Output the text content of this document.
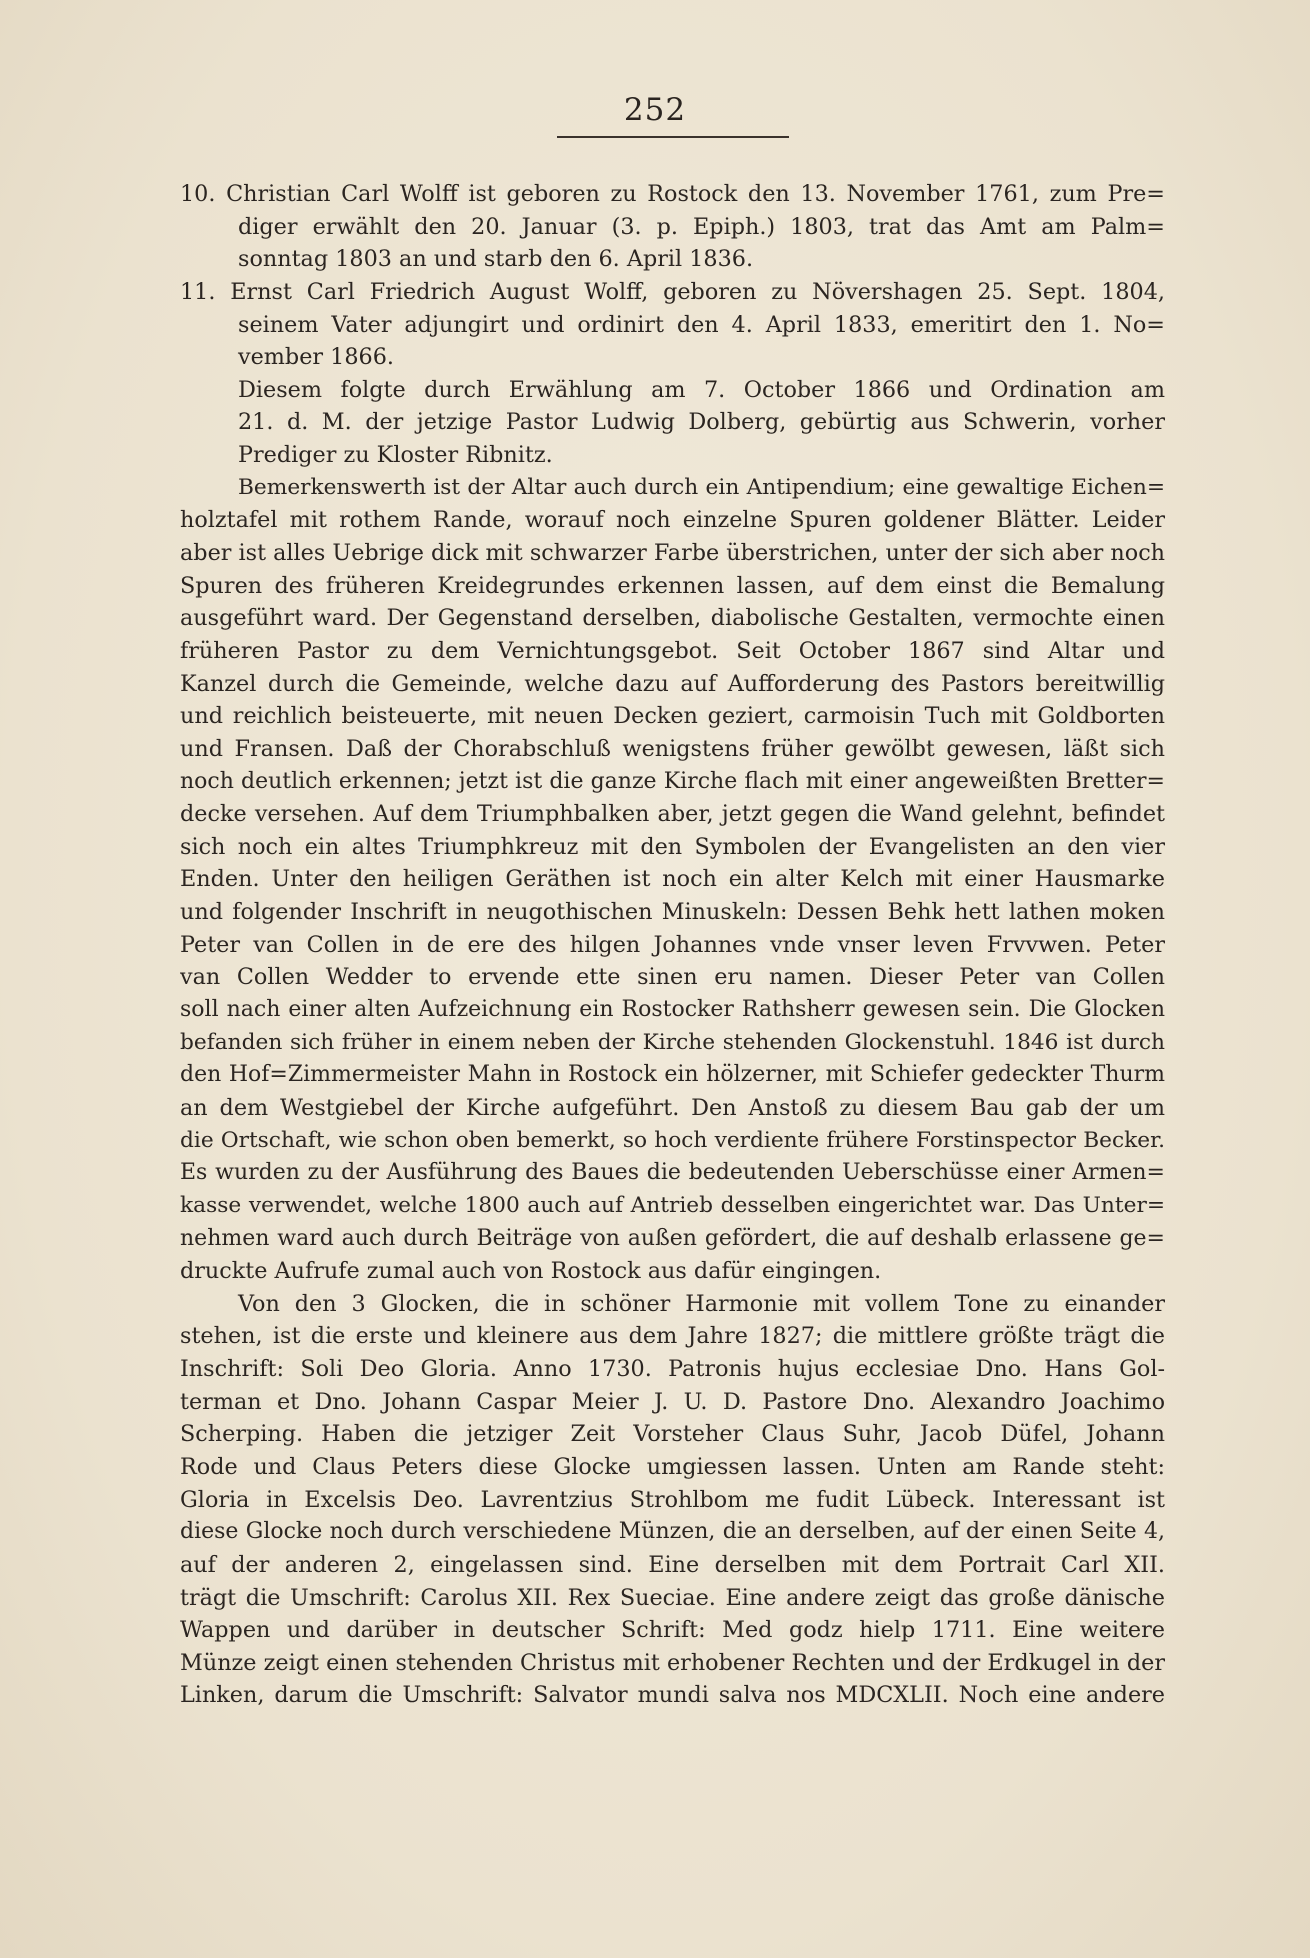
252
10. Christian Carl Wolff ist geboren zu Rostock den 13. November 1761, zum Pre=
diger erwählt den 20. Januar (3. p. Epiph.) 1803, trat das Amt am Palm=
sonntag 1803 an und starb den 6. April 1836.
11. Ernst Carl Friedrich August Wolff, geboren zu Növershagen 25. Sept. 1804,
seinem Vater adjungirt und ordinirt den 4. April 1833, emeritirt den 1. No=
vember 1866.
Diesem folgte durch Erwählung am 7. October 1866 und Ordination am
21. d. M. der jetzige Pastor Ludwig Dolberg, gebürtig aus Schwerin, vorher
Prediger zu Kloster Ribnitz.
Bemerkenswerth ist der Altar auch durch ein Antipendium; eine gewaltige Eichen=
holztafel mit rothem Rande, worauf noch einzelne Spuren goldener Blätter. Leider
aber ist alles Uebrige dick mit schwarzer Farbe überstrichen, unter der sich aber noch
Spuren des früheren Kreidegrundes erkennen lassen, auf dem einst die Bemalung
ausgeführt ward. Der Gegenstand derselben, diabolische Gestalten, vermochte einen
früheren Pastor zu dem Vernichtungsgebot. Seit October 1867 sind Altar und
Kanzel durch die Gemeinde, welche dazu auf Aufforderung des Pastors bereitwillig
und reichlich beisteuerte, mit neuen Decken geziert, carmoisin Tuch mit Goldborten
und Fransen. Daß der Chorabschluß wenigstens früher gewölbt gewesen, läßt sich
noch deutlich erkennen; jetzt ist die ganze Kirche flach mit einer angeweißten Bretter=
decke versehen. Auf dem Triumphbalken aber, jetzt gegen die Wand gelehnt, befindet
sich noch ein altes Triumphkreuz mit den Symbolen der Evangelisten an den vier
Enden. Unter den heiligen Geräthen ist noch ein alter Kelch mit einer Hausmarke
und folgender Inschrift in neugothischen Minuskeln: Dessen Behk hett lathen moken
Peter van Collen in de ere des hilgen Johannes vnde vnser leven Frvvwen. Peter
van Collen Wedder to ervende ette sinen eru namen. Dieser Peter van Collen
soll nach einer alten Aufzeichnung ein Rostocker Rathsherr gewesen sein. Die Glocken
befanden sich früher in einem neben der Kirche stehenden Glockenstuhl. 1846 ist durch
den Hof=Zimmermeister Mahn in Rostock ein hölzerner, mit Schiefer gedeckter Thurm
an dem Westgiebel der Kirche aufgeführt. Den Anstoß zu diesem Bau gab der um
die Ortschaft, wie schon oben bemerkt, so hoch verdiente frühere Forstinspector Becker.
Es wurden zu der Ausführung des Baues die bedeutenden Ueberschüsse einer Armen=
kasse verwendet, welche 1800 auch auf Antrieb desselben eingerichtet war. Das Unter=
nehmen ward auch durch Beiträge von außen gefördert, die auf deshalb erlassene ge=
druckte Aufrufe zumal auch von Rostock aus dafür eingingen.
Von den 3 Glocken, die in schöner Harmonie mit vollem Tone zu einander
stehen, ist die erste und kleinere aus dem Jahre 1827; die mittlere größte trägt die
Inschrift: Soli Deo Gloria. Anno 1730. Patronis hujus ecclesiae Dno. Hans Gol-
terman et Dno. Johann Caspar Meier J. U. D. Pastore Dno. Alexandro Joachimo
Scherping. Haben die jetziger Zeit Vorsteher Claus Suhr, Jacob Düfel, Johann
Rode und Claus Peters diese Glocke umgiessen lassen. Unten am Rande steht:
Gloria in Excelsis Deo. Lavrentzius Strohlbom me fudit Lübeck. Interessant ist
diese Glocke noch durch verschiedene Münzen, die an derselben, auf der einen Seite 4,
auf der anderen 2, eingelassen sind. Eine derselben mit dem Portrait Carl XII.
trägt die Umschrift: Carolus XII. Rex Sueciae. Eine andere zeigt das große dänische
Wappen und darüber in deutscher Schrift: Med godz hielp 1711. Eine weitere
Münze zeigt einen stehenden Christus mit erhobener Rechten und der Erdkugel in der
Linken, darum die Umschrift: Salvator mundi salva nos MDCXLII. Noch eine andere
